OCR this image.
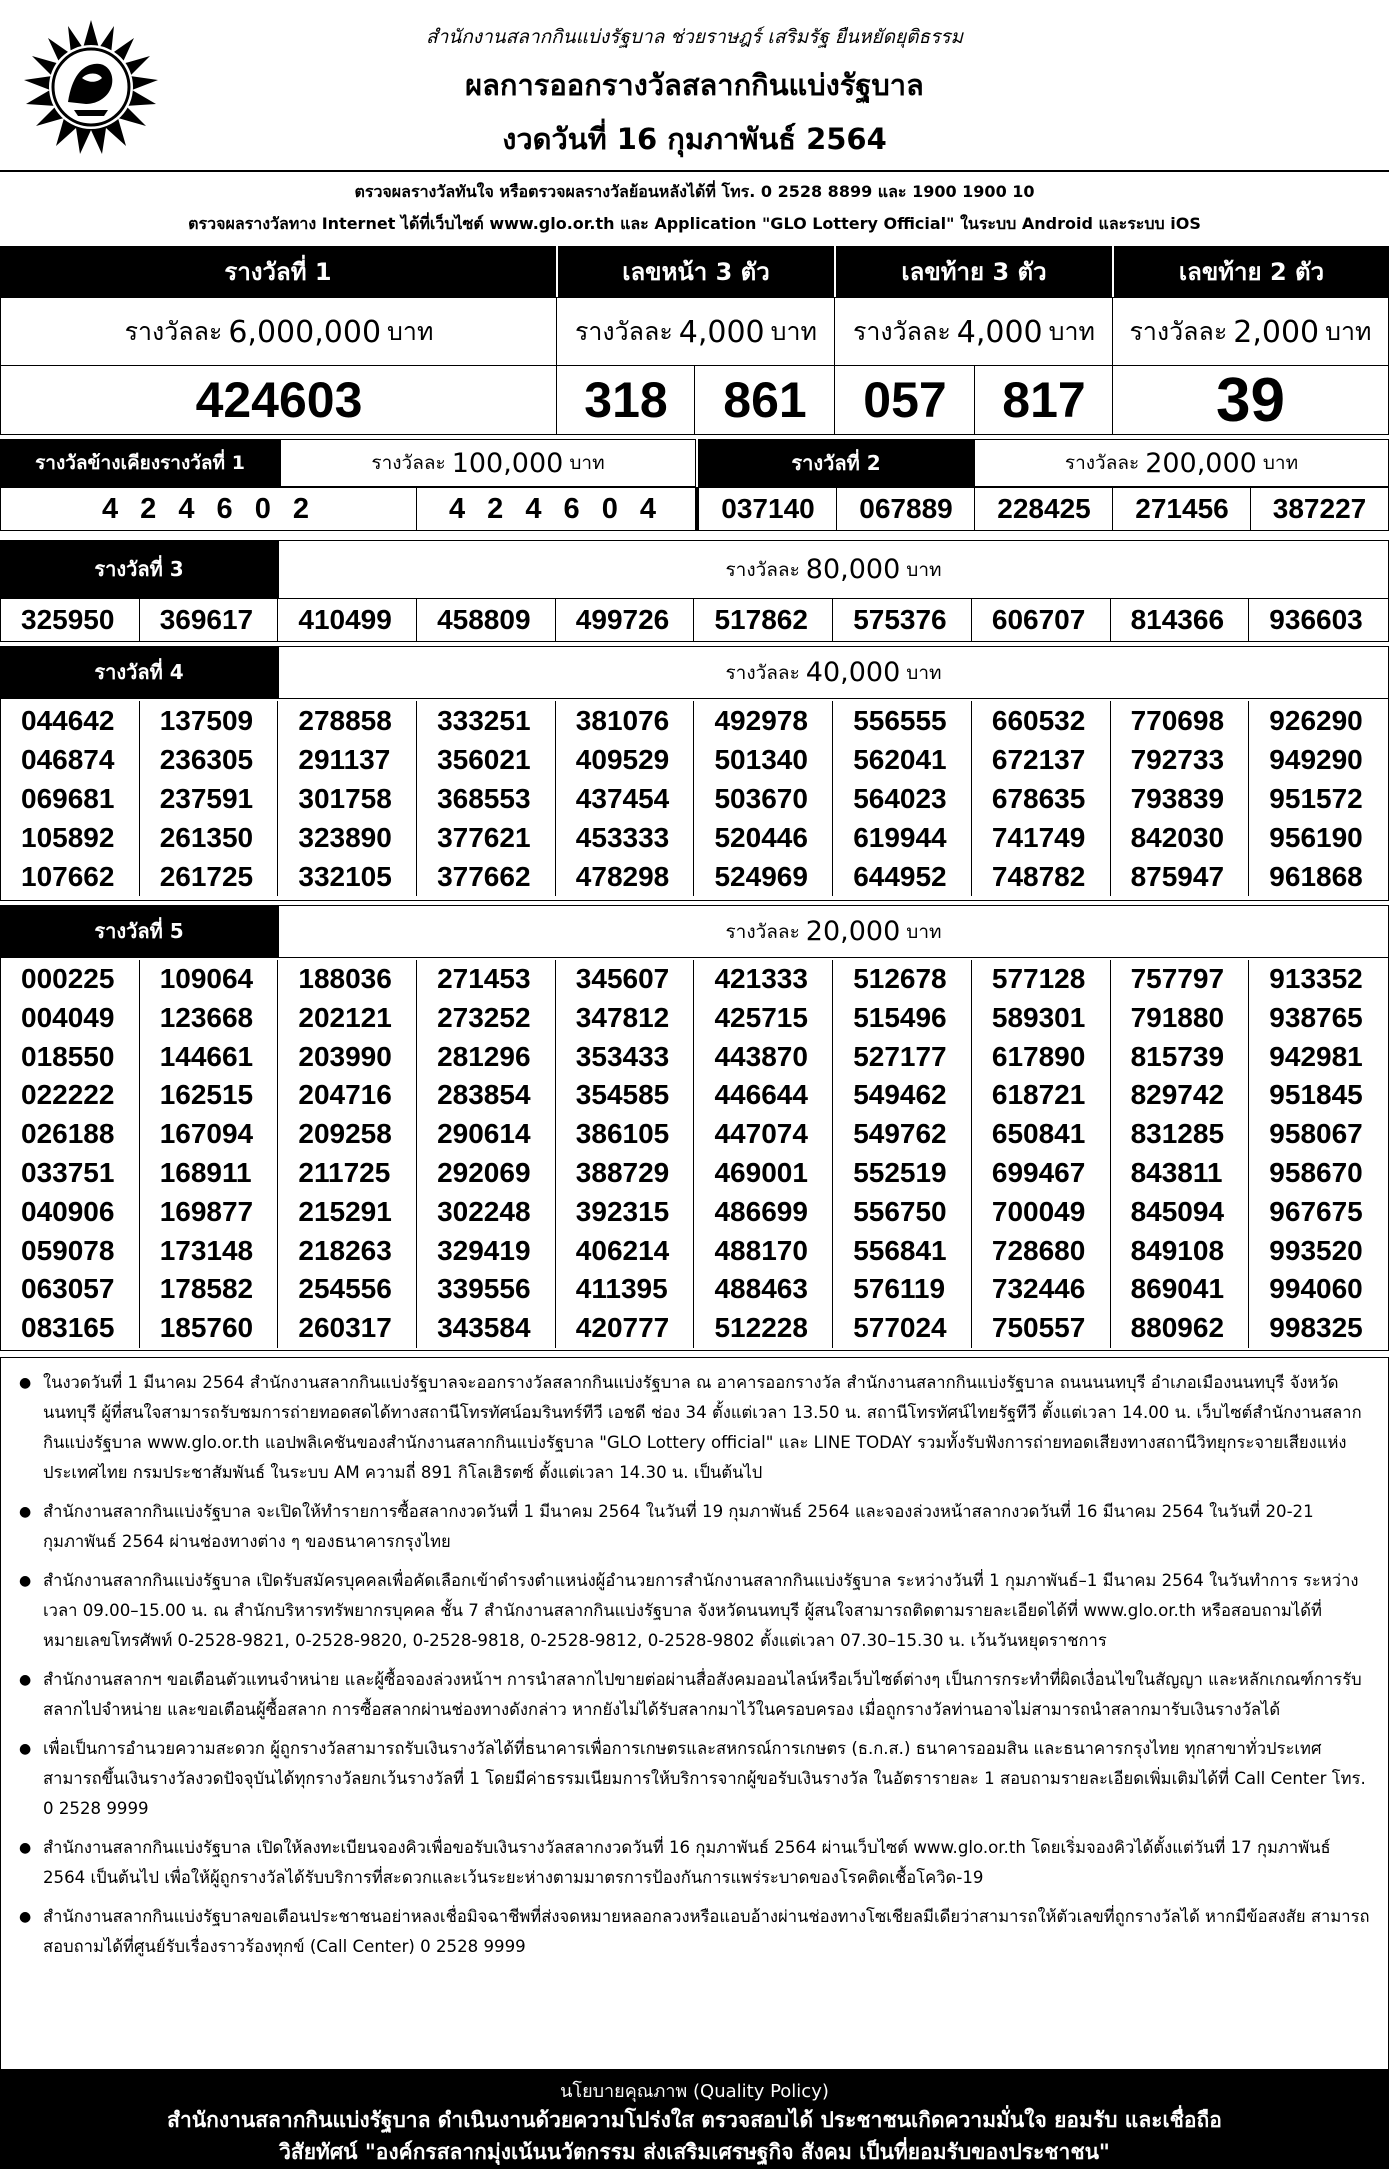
สำนักงานสลากกินแบ่งรัฐบาล ช่วยราษฎร์ เสริมรัฐ ยืนหยัดยุติธรรม
ผลการออกรางวัลสลากกินแบ่งรัฐบาล
งวดวันที่ 16 กุมภาพันธ์ 2564
ตรวจผลรางวัลทันใจ หรือตรวจผลรางวัลย้อนหลังได้ที่ โทร. 0 2528 8899 และ 1900 1900 10
ตรวจผลรางวัลทาง Internet ได้ที่เว็บไซต์ www.glo.or.th และ Application "GLO Lottery Official" ในระบบ Android และระบบ iOS
รางวัลที่ 1	เลขหน้า 3 ตัว	เลขท้าย 3 ตัว	เลขท้าย 2 ตัว
รางวัลละ 6,000,000 บาท	รางวัลละ 4,000 บาท รางวัลละ 4,000 บาท รางวัลละ 2,000 บาท
424603	318	861	057	817	39
รางวัลข้างเคียงรางวัลที่ 1	รางวัลละ 100,000 บาท	รางวัลที่ 2	รางวัลละ 200,000 บาท
4 2 4 6 0 2	4 2 4 6 0 4	037140	067889	228425	271456	387227
รางวัลที่ 3	รางวัลละ 80,000 บาท
325950	369617	410499	458809	499726	517862	575376	606707	814366	936603
รางวัลที่ 4	รางวัลละ 40,000 บาท
044642	137509	278858	333251	381076	492978	556555	660532	770698	926290
046874	236305	291137	356021	409529	501340	562041	672137	792733	949290
069681	237591	301758	368553	437454	503670	564023	678635	793839	951572
105892	261350	323890	377621	453333	520446	619944	741749	842030	956190
107662	261725	332105	377662	478298	524969	644952	748782	875947	961868
รางวัลที่ 5	รางวัลละ 20,000 บาท
000225	109064	188036	271453	345607	421333	512678	577128	757797	913352
004049	123668	202121	273252	347812	425715	515496	589301	791880	938765
018550	144661	203990	281296	353433	443870	527177	617890	815739	942981
022222	162515	204716	283854	354585	446644	549462	618721	829742	951845
026188	167094	209258	290614	386105	447074	549762	650841	831285	958067
033751	168911	211725	292069	388729	469001	552519	699467	843811	958670
040906	169877	215291	302248	392315	486699	556750	700049	845094	967675
059078	173148	218263	329419	406214	488170	556841	728680	849108	993520
063057	178582	254556	339556	411395	488463	576119	732446	869041	994060
083165	185760	260317	343584	420777	512228	577024	750557	880962	998325
● ในงวดวันที่ 1 มีนาคม 2564 สำนักงานสลากกินแบ่งรัฐบาลจะออกรางวัลสลากกินแบ่งรัฐบาล ณ อาคารออกรางวัล สำนักงานสลากกินแบ่งรัฐบาล ถนนนนทบุรี อำเภอเมืองนนทบุรี จังหวัดนนทบุรี ผู้ที่สนใจสามารถรับชมการถ่ายทอดสดได้ทางสถานีโทรทัศน์อมรินทร์ทีวี เอชดี ช่อง 34 ตั้งแต่เวลา 13.50 น. สถานีโทรทัศน์ไทยรัฐทีวี ตั้งแต่เวลา 14.00 น. เว็บไซต์สำนักงานสลากกินแบ่งรัฐบาล www.glo.or.th แอปพลิเคชันของสำนักงานสลากกินแบ่งรัฐบาล "GLO Lottery official" และ LINE TODAY รวมทั้งรับฟังการถ่ายทอดเสียงทางสถานีวิทยุกระจายเสียงแห่งประเทศไทย กรมประชาสัมพันธ์ ในระบบ AM ความถี่ 891 กิโลเฮิรตซ์ ตั้งแต่เวลา 14.30 น. เป็นต้นไป
● สำนักงานสลากกินแบ่งรัฐบาล จะเปิดให้ทำรายการซื้อสลากงวดวันที่ 1 มีนาคม 2564 ในวันที่ 19 กุมภาพันธ์ 2564 และจองล่วงหน้าสลากงวดวันที่ 16 มีนาคม 2564 ในวันที่ 20-21 กุมภาพันธ์ 2564 ผ่านช่องทางต่าง ๆ ของธนาคารกรุงไทย
● สำนักงานสลากกินแบ่งรัฐบาล เปิดรับสมัครบุคคลเพื่อคัดเลือกเข้าดำรงตำแหน่งผู้อำนวยการสำนักงานสลากกินแบ่งรัฐบาล ระหว่างวันที่ 1 กุมภาพันธ์–1 มีนาคม 2564 ในวันทำการ ระหว่างเวลา 09.00–15.00 น. ณ สำนักบริหารทรัพยากรบุคคล ชั้น 7 สำนักงานสลากกินแบ่งรัฐบาล จังหวัดนนทบุรี ผู้สนใจสามารถติดตามรายละเอียดได้ที่ www.glo.or.th หรือสอบถามได้ที่ หมายเลขโทรศัพท์ 0-2528-9821, 0-2528-9820, 0-2528-9818, 0-2528-9812, 0-2528-9802 ตั้งแต่เวลา 07.30–15.30 น. เว้นวันหยุดราชการ
● สำนักงานสลากฯ ขอเตือนตัวแทนจำหน่าย และผู้ซื้อจองล่วงหน้าฯ การนำสลากไปขายต่อผ่านสื่อสังคมออนไลน์หรือเว็บไซต์ต่างๆ เป็นการกระทำที่ผิดเงื่อนไขในสัญญา และหลักเกณฑ์การรับสลากไปจำหน่าย และขอเตือนผู้ซื้อสลาก การซื้อสลากผ่านช่องทางดังกล่าว หากยังไม่ได้รับสลากมาไว้ในครอบครอง เมื่อถูกรางวัลท่านอาจไม่สามารถนำสลากมารับเงินรางวัลได้
● เพื่อเป็นการอำนวยความสะดวก ผู้ถูกรางวัลสามารถรับเงินรางวัลได้ที่ธนาคารเพื่อการเกษตรและสหกรณ์การเกษตร (ธ.ก.ส.) ธนาคารออมสิน และธนาคารกรุงไทย ทุกสาขาทั่วประเทศ สามารถขึ้นเงินรางวัลงวดปัจจุบันได้ทุกรางวัลยกเว้นรางวัลที่ 1 โดยมีค่าธรรมเนียมการให้บริการจากผู้ขอรับเงินรางวัล ในอัตรารายละ 1 สอบถามรายละเอียดเพิ่มเติมได้ที่ Call Center โทร. 0 2528 9999
● สำนักงานสลากกินแบ่งรัฐบาล เปิดให้ลงทะเบียนจองคิวเพื่อขอรับเงินรางวัลสลากงวดวันที่ 16 กุมภาพันธ์ 2564 ผ่านเว็บไซต์ www.glo.or.th โดยเริ่มจองคิวได้ตั้งแต่วันที่ 17 กุมภาพันธ์ 2564 เป็นต้นไป เพื่อให้ผู้ถูกรางวัลได้รับบริการที่สะดวกและเว้นระยะห่างตามมาตรการป้องกันการแพร่ระบาดของโรคติดเชื้อโควิด-19
● สำนักงานสลากกินแบ่งรัฐบาลขอเตือนประชาชนอย่าหลงเชื่อมิจฉาชีพที่ส่งจดหมายหลอกลวงหรือแอบอ้างผ่านช่องทางโซเชียลมีเดียว่าสามารถให้ตัวเลขที่ถูกรางวัลได้ หากมีข้อสงสัย สามารถสอบถามได้ที่ศูนย์รับเรื่องราวร้องทุกข์ (Call Center) 0 2528 9999
นโยบายคุณภาพ (Quality Policy)
สำนักงานสลากกินแบ่งรัฐบาล ดำเนินงานด้วยความโปร่งใส ตรวจสอบได้ ประชาชนเกิดความมั่นใจ ยอมรับ และเชื่อถือ
วิสัยทัศน์ "องค์กรสลากมุ่งเน้นนวัตกรรม ส่งเสริมเศรษฐกิจ สังคม เป็นที่ยอมรับของประชาชน"
